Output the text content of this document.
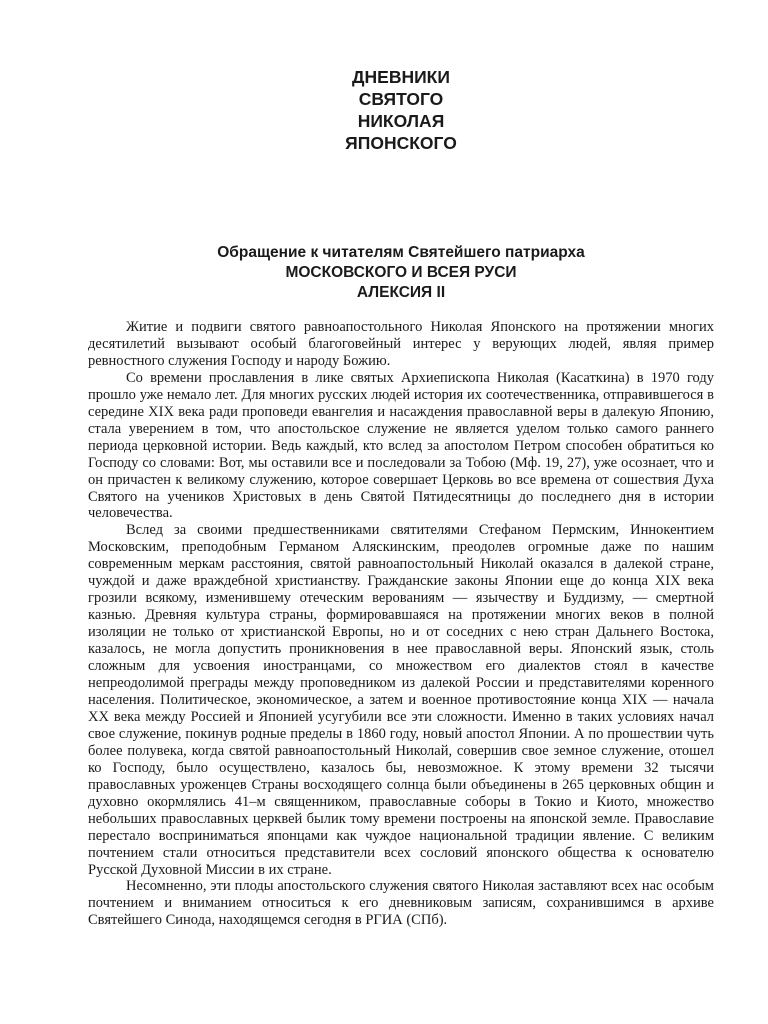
ДНЕВНИКИ
СВЯТОГО
НИКОЛАЯ
ЯПОНСКОГО
Обращение к читателям Святейшего патриарха
МОСКОВСКОГО И ВСЕЯ РУСИ
АЛЕКСИЯ II

Житие и подвиги святого равноапостольного Николая Японского на протяжении многих десятилетий вызывают особый благоговейный интерес у верующих людей, являя пример ревностного служения Господу и народу Божию.

Со времени прославления в лике святых Архиепископа Николая (Касаткина) в 1970 году прошло уже немало лет. Для многих русских людей история их соотечественника, отправившегося в середине XIX века ради проповеди евангелия и насаждения православной веры в далекую Японию, стала уверением в том, что апостольское служение не является уделом только самого раннего периода церковной истории. Ведь каждый, кто вслед за апостолом Петром способен обратиться ко Господу со словами: Вот, мы оставили все и последовали за Тобою (Мф. 19, 27), уже осознает, что и он причастен к великому служению, которое совершает Церковь во все времена от сошествия Духа Святого на учеников Христовых в день Святой Пятидесятницы до последнего дня в истории человечества.

Вслед за своими предшественниками святителями Стефаном Пермским, Иннокентием Московским, преподобным Германом Аляскинским, преодолев огромные даже по нашим современным меркам расстояния, святой равноапостольный Николай оказался в далекой стране, чуждой и даже враждебной христианству. Гражданские законы Японии еще до конца XIX века грозили всякому, изменившему отеческим верованиям — язычеству и Буддизму, — смертной казнью. Древняя культура страны, формировавшаяся на протяжении многих веков в полной изоляции не только от христианской Европы, но и от соседних с нею стран Дальнего Востока, казалось, не могла допустить проникновения в нее православной веры. Японский язык, столь сложным для усвоения иностранцами, со множеством его диалектов стоял в качестве непреодолимой преграды между проповедником из далекой России и представителями коренного населения. Политическое, экономическое, а затем и военное противостояние конца XIX — начала XX века между Россией и Японией усугубили все эти сложности. Именно в таких условиях начал свое служение, покинув родные пределы в 1860 году, новый апостол Японии. А по прошествии чуть более полувека, когда святой равноапостольный Николай, совершив свое земное служение, отошел ко Господу, было осуществлено, казалось бы, невозможное. К этому времени 32 тысячи православных уроженцев Страны восходящего солнца были объединены в 265 церковных общин и духовно окормлялись 41–м священником, православные соборы в Токио и Киото, множество небольших православных церквей былик тому времени построены на японской земле. Православие перестало восприниматься японцами как чуждое национальной традиции явление. С великим почтением стали относиться представители всех сословий японского общества к основателю Русской Духовной Миссии в их стране.

Несомненно, эти плоды апостольского служения святого Николая заставляют всех нас особым почтением и вниманием относиться к его дневниковым записям, сохранившимся в архиве Святейшего Синода, находящемся сегодня в РГИА (СПб).
